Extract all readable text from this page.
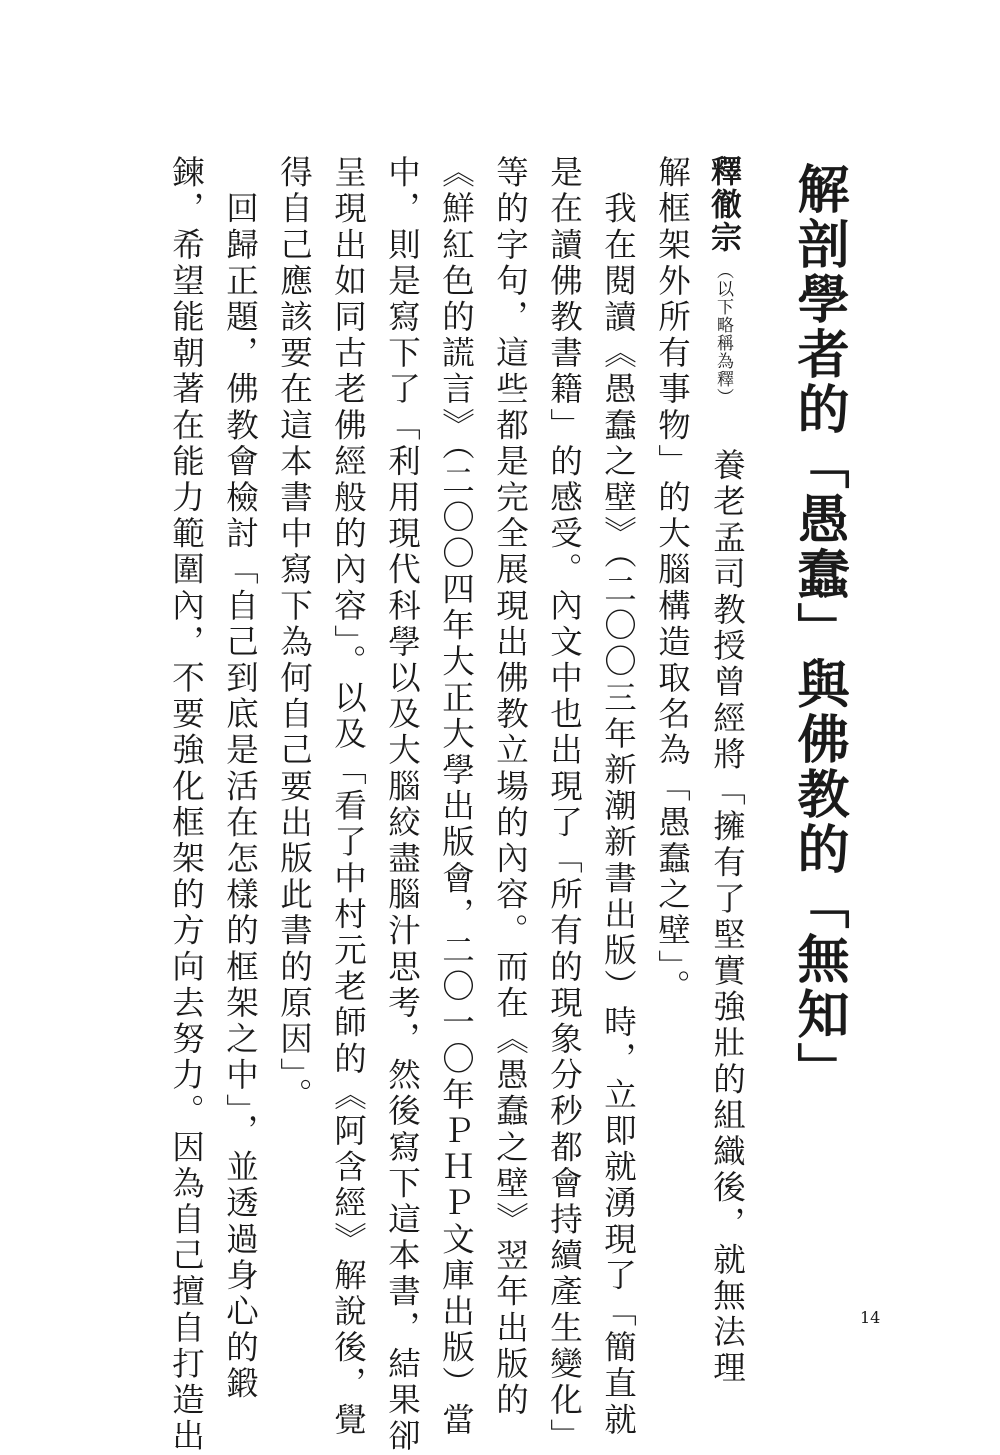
解剖學者的「愚蠢」與佛教的「無知」
釋徹宗
（以下略稱為釋）
養老孟司教授曾經將「擁有了堅實強壯的組織後，就無法理
解框架外所有事物」的大腦構造取名為「愚蠢之壁」。
　我在閱讀《愚蠢之壁》（二〇〇三年新潮新書出版）時，立即就湧現了「簡直就
是在讀佛教書籍」的感受。內文中也出現了「所有的現象分秒都會持續產生變化」
等的字句，這些都是完全展現出佛教立場的內容。而在《愚蠢之壁》翌年出版的
《鮮紅色的謊言》（二〇〇四年大正大學出版會，二〇一〇年ＰＨＰ文庫出版）當
中，則是寫下了「利用現代科學以及大腦絞盡腦汁思考，然後寫下這本書，結果卻
呈現出如同古老佛經般的內容」。以及「看了中村元老師的《阿含經》解說後，覺
得自己應該要在這本書中寫下為何自己要出版此書的原因」。
　回歸正題，佛教會檢討「自己到底是活在怎樣的框架之中」，並透過身心的鍛
鍊，希望能朝著在能力範圍內，不要強化框架的方向去努力。因為自己擅自打造出	14
